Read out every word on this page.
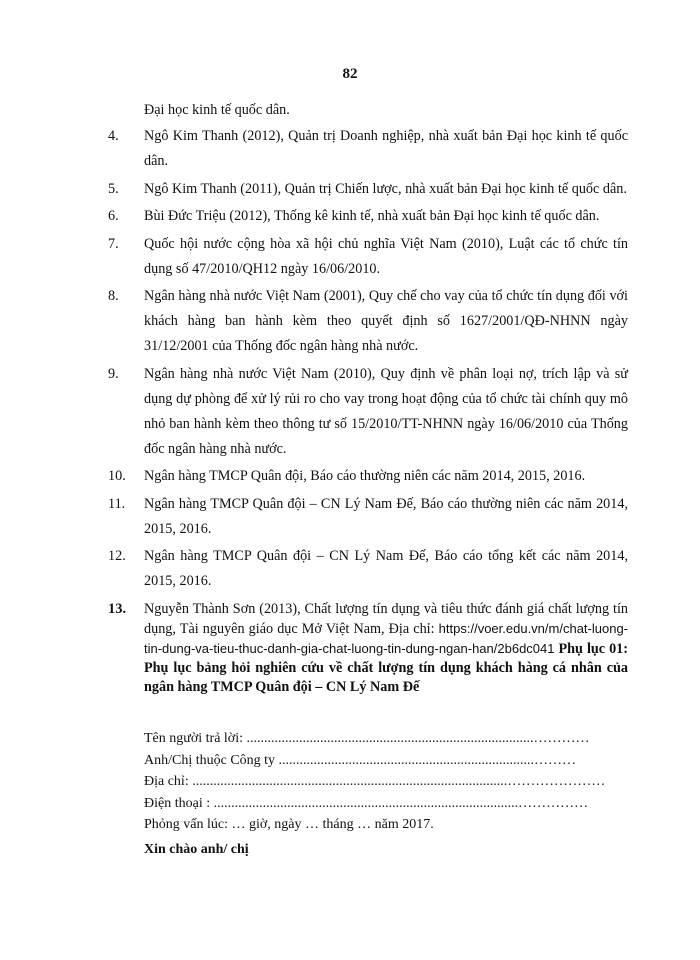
82
Đại học kinh tế quốc dân.
4. Ngô Kim Thanh (2012), Quản trị Doanh nghiệp, nhà xuất bản Đại học kinh tế quốc dân.
5. Ngô Kim Thanh (2011), Quản trị Chiến lược, nhà xuất bản Đại học kinh tế quốc dân.
6. Bùi Đức Triệu (2012), Thống kê kinh tế, nhà xuất bản Đại học kinh tế quốc dân.
7. Quốc hội nước cộng hòa xã hội chủ nghĩa Việt Nam (2010), Luật các tổ chức tín dụng số 47/2010/QH12 ngày 16/06/2010.
8. Ngân hàng nhà nước Việt Nam (2001), Quy chế cho vay của tổ chức tín dụng đối với khách hàng ban hành kèm theo quyết định số 1627/2001/QĐ-NHNN ngày 31/12/2001 của Thống đốc ngân hàng nhà nước.
9. Ngân hàng nhà nước Việt Nam (2010), Quy định về phân loại nợ, trích lập và sử dụng dự phòng để xử lý rủi ro cho vay trong hoạt động của tổ chức tài chính quy mô nhỏ ban hành kèm theo thông tư số 15/2010/TT-NHNN ngày 16/06/2010 của Thống đốc ngân hàng nhà nước.
10. Ngân hàng TMCP Quân đội, Báo cáo thường niên các năm 2014, 2015, 2016.
11. Ngân hàng TMCP Quân đội – CN Lý Nam Đế, Báo cáo thường niên các năm 2014, 2015, 2016.
12. Ngân hàng TMCP Quân đội – CN Lý Nam Đế, Báo cáo tổng kết các năm 2014, 2015, 2016.
13. Nguyễn Thành Sơn (2013), Chất lượng tín dụng và tiêu thức đánh giá chất lượng tín dụng, Tài nguyên giáo dục Mở Việt Nam, Địa chỉ: https://voer.edu.vn/m/chat-luong-tin-dung-va-tieu-thuc-danh-gia-chat-luong-tin-dung-ngan-han/2b6dc041 Phụ lục 01: Phụ lục bảng hỏi nghiên cứu về chất lượng tín dụng khách hàng cá nhân của ngân hàng TMCP Quân đội – CN Lý Nam Đế
Tên người trả lời: ..................................................................................…………
Anh/Chị thuộc Công ty .........................................................................………
Địa chỉ: ..........................................................................................…………………
Điện thoại : .......................................................................................……………
Phỏng vấn lúc: … giờ, ngày … tháng … năm 2017.
Xin chào anh/ chị
